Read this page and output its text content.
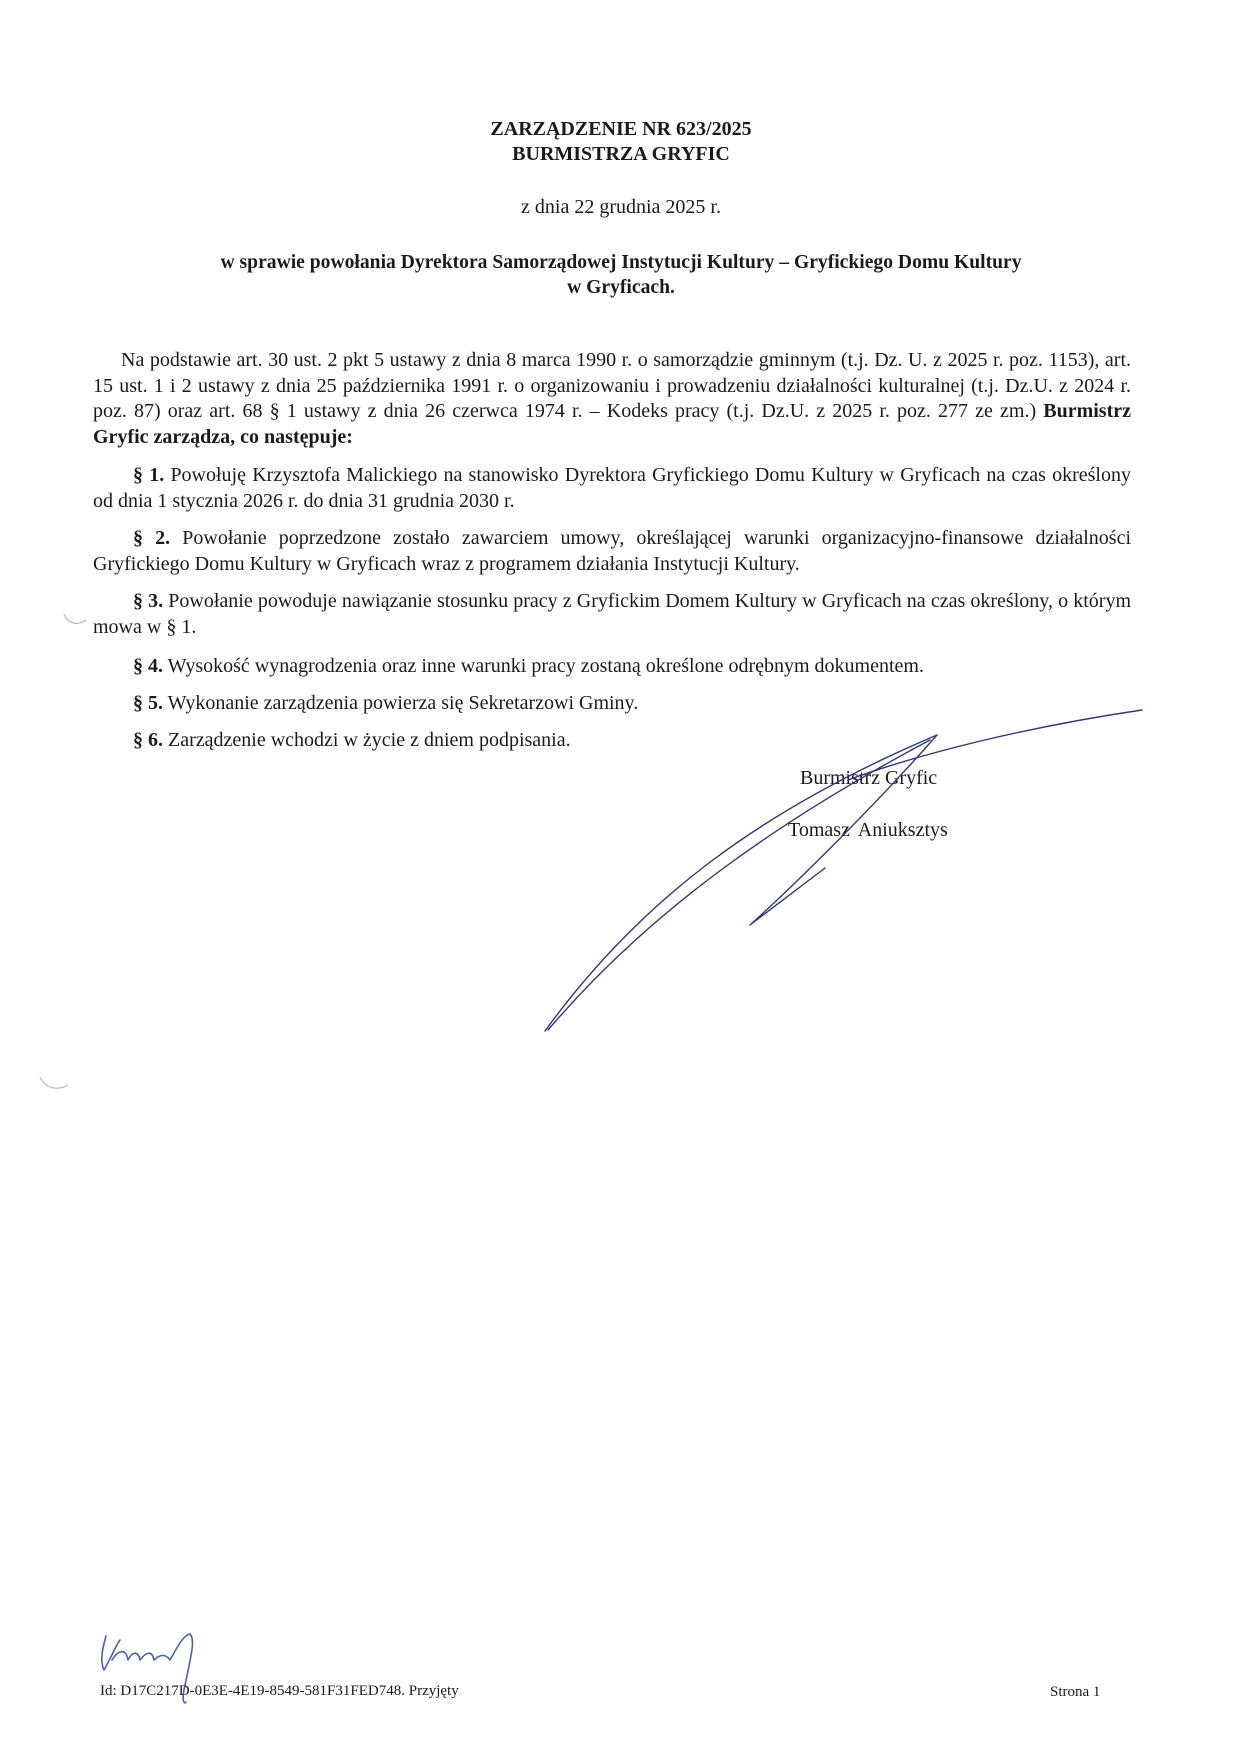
ZARZĄDZENIE NR 623/2025
BURMISTRZA GRYFIC
z dnia 22 grudnia 2025 r.
w sprawie powołania Dyrektora Samorządowej Instytucji Kultury – Gryfickiego Domu Kultury
w Gryficach.
Na podstawie art. 30 ust. 2 pkt 5 ustawy z dnia 8 marca 1990 r. o samorządzie gminnym (t.j. Dz. U. z 2025 r. poz. 1153), art. 15 ust. 1 i 2 ustawy z dnia 25 października 1991 r. o organizowaniu i prowadzeniu działalności kulturalnej (t.j. Dz.U. z 2024 r. poz. 87) oraz art. 68 § 1 ustawy z dnia 26 czerwca 1974 r. – Kodeks pracy (t.j. Dz.U. z 2025 r. poz. 277 ze zm.) Burmistrz Gryfic zarządza, co następuje:
§ 1. Powołuję Krzysztofa Malickiego na stanowisko Dyrektora Gryfickiego Domu Kultury w Gryficach na czas określony od dnia 1 stycznia 2026 r. do dnia 31 grudnia 2030 r.
§ 2. Powołanie poprzedzone zostało zawarciem umowy, określającej warunki organizacyjno-finansowe działalności Gryfickiego Domu Kultury w Gryficach wraz z programem działania Instytucji Kultury.
§ 3. Powołanie powoduje nawiązanie stosunku pracy z Gryfickim Domem Kultury w Gryficach na czas określony, o którym mowa w § 1.
§ 4. Wysokość wynagrodzenia oraz inne warunki pracy zostaną określone odrębnym dokumentem.
§ 5. Wykonanie zarządzenia powierza się Sekretarzowi Gminy.
§ 6. Zarządzenie wchodzi w życie z dniem podpisania.
Burmistrz Gryfic
Tomasz Aniuksztys
Id: D17C217D-0E3E-4E19-8549-581F31FED748. Przyjęty	Strona 1
